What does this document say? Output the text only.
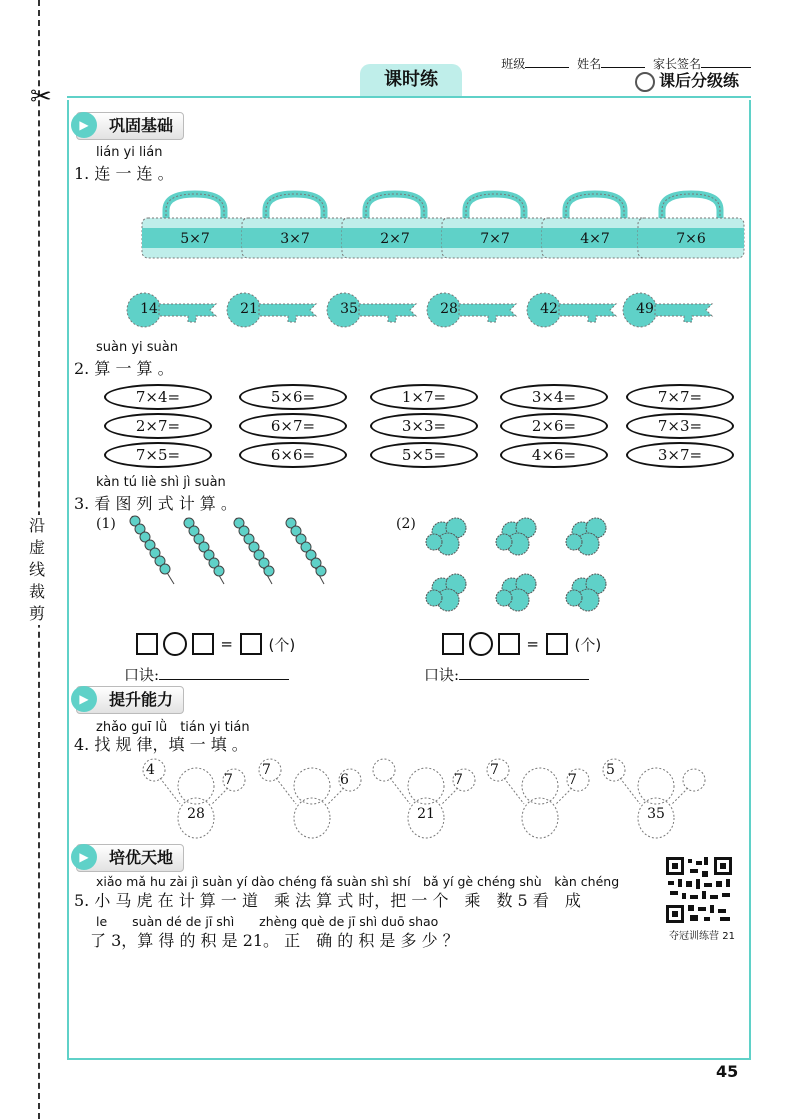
✂
沿虚线裁剪
班级	姓名	家长签名
课时练	课后分级练
▶	巩固基础
lián yi lián
1. 连 一 连 。
5×7	3×7	2×7	7×7	4×7	7×6
14	21	35	28	42	49
suàn yi suàn
2. 算 一 算 。
7×4=	5×6=	1×7=	3×4=	7×7=
2×7=	6×7=	3×3=	2×6=	7×3=
7×5=	6×6=	5×5=	4×6=	3×7=
kàn tú liè shì jì suàn
3. 看 图 列 式 计 算 。
(1)	(2)
= (个)	= (个)
口诀:	口诀:
▶	提升能力
zhǎo guī lǜ　tián yi tián
4. 找 规 律，填 一 填 。
4
7
28
7
6	7
21
7
7
5
35
▶	培优天地
xiǎo mǎ hu zài jì suàn yí dào chéng fǎ suàn shì shí　bǎ yí gè chéng shù　kàn chéng
5. 小 马 虎 在 计 算 一 道　乘 法 算 式 时，把 一 个　乘　数 5 看　成
le　　suàn dé de jī shì　　zhèng què de jī shì duō shao
了 3，算 得 的 积 是 21。 正　确 的 积 是 多 少 ？	夺冠训练营 21
45
